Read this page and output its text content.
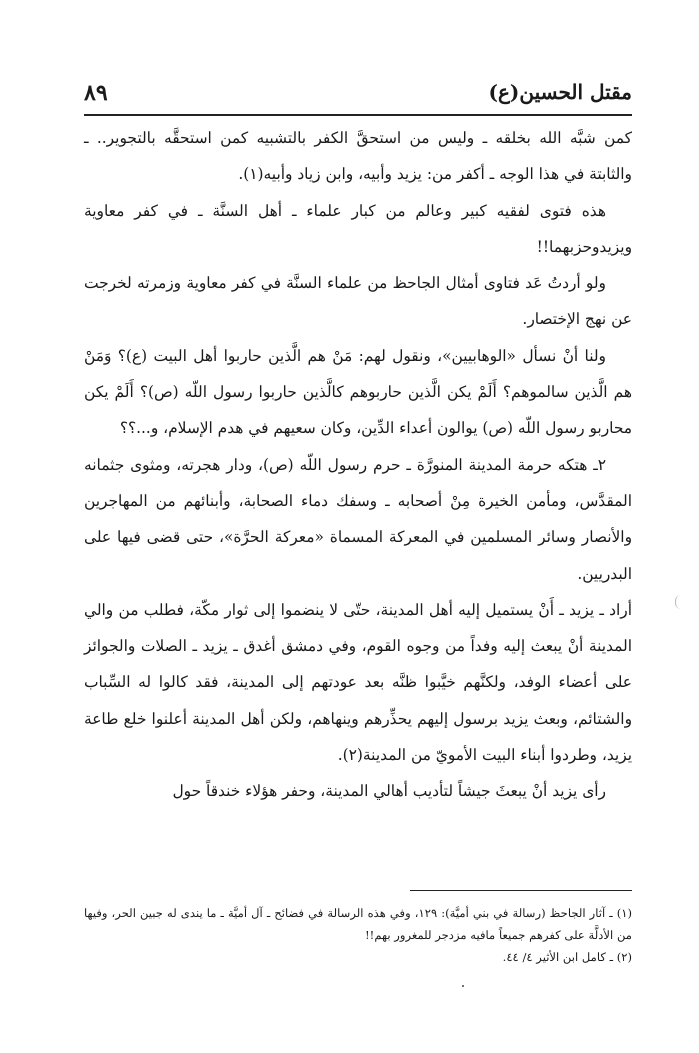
مقتل الحسين(ع)
٨٩

كمن شبَّه الله بخلقه ـ وليس من استحقَّ الكفر بالتشبيه كمن استحقَّه بالتجوير.. ـ والثابتة في هذا الوجه ـ أكفر من: يزيد وأبيه، وابن زياد وأبيه(١).

هذه فتوى لفقيه كبير وعالم من كبار علماء ـ أهل السنَّة ـ في كفر معاوية ويزيدوحزبهما!!

ولو أردتُ عَد فتاوى أمثال الجاحظ من علماء السنَّة في كفر معاوية وزمرته لخرجت عن نهج الإختصار.

ولنا أنْ نسأل «الوهابيين»، ونقول لهم: مَنْ هم الَّذين حاربوا أهل البيت (ع)؟ وَمَنْ هم الَّذين سالموهم؟ أَلَمْ يكن الَّذين حاربوهم كالَّذين حاربوا رسول اللّه (ص)؟ أَلَمْ يكن محاربو رسول اللّه (ص) يوالون أعداء الدِّين، وكان سعيهم في هدم الإسلام، و...؟؟

٢ـ هتكه حرمة المدينة المنورَّة ـ حرم رسول اللّه (ص)، ودار هجرته، ومثوى جثمانه المقدَّس، ومأمن الخيرة مِنْ أصحابه ـ وسفك دماء الصحابة، وأبنائهم من المهاجرين والأنصار وسائر المسلمين في المعركة المسماة «معركة الحرَّة»، حتى قضى فيها على البدريين.

أراد ـ يزيد ـ أَنْ يستميل إليه أهل المدينة، حتّى لا ينضموا إلى ثوار مكّة، فطلب من والي المدينة أنْ يبعث إليه وفداً من وجوه القوم، وفي دمشق أغدق ـ يزيد ـ الصلات والجوائز على أعضاء الوفد، ولكنَّهم خيَّبوا ظنَّه بعد عودتهم إلى المدينة، فقد كالوا له السِّباب والشتائم، وبعث يزيد برسول إليهم يحذِّرهم وينهاهم، ولكن أهل المدينة أعلنوا خلع طاعة يزيد، وطردوا أبناء البيت الأمويّ من المدينة(٢).

رأى يزيد أنْ يبعثَ جيشاً لتأديب أهالي المدينة، وحفر هؤلاء خندقاً حول

(١) ـ آثار الجاحظ (رسالة في بني أميَّة): ١٢٩، وفي هذه الرسالة في فضائح ـ آل أميَّة ـ ما يندى له جبين الحر، وفيها من الأدلَّة على كفرهم جميعاً مافيه مزدجر للمغرور بهم!!

(٢) ـ كامل ابن الأثير ٤/ ٤٤.
